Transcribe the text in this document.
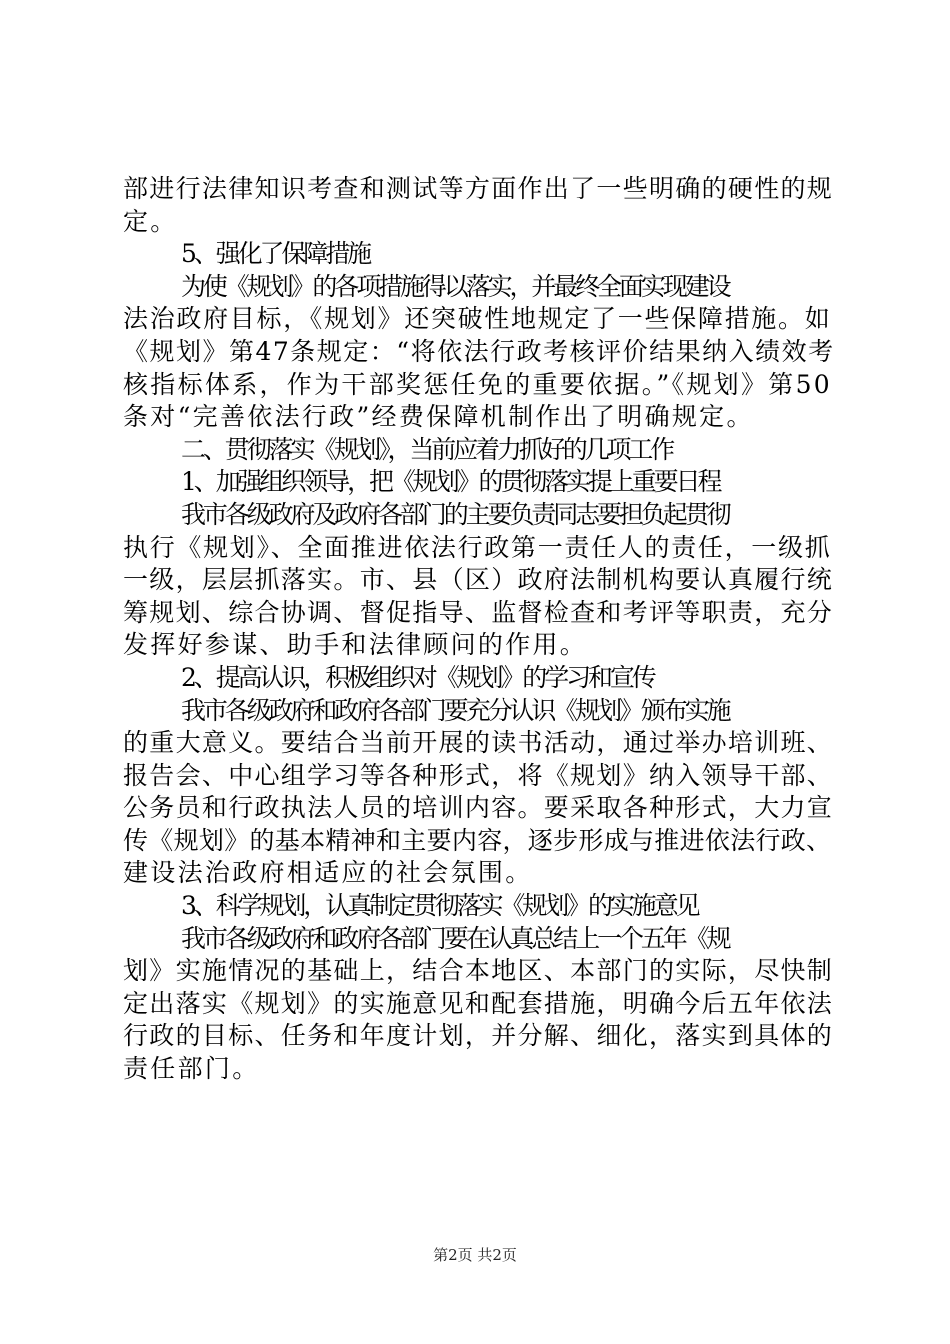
部进行法律知识考查和测试等方面作出了一些明确的硬性的规
定。
5、强化了保障措施
为使《规划》的各项措施得以落实，并最终全面实现建设
法治政府目标，《规划》还突破性地规定了一些保障措施。如
《规划》第47条规定：“将依法行政考核评价结果纳入绩效考
核指标体系，作为干部奖惩任免的重要依据。”《规划》第50
条对“完善依法行政”经费保障机制作出了明确规定。
二、贯彻落实《规划》，当前应着力抓好的几项工作
1、加强组织领导，把《规划》的贯彻落实提上重要日程
我市各级政府及政府各部门的主要负责同志要担负起贯彻
执行《规划》、全面推进依法行政第一责任人的责任，一级抓
一级，层层抓落实。市、县（区）政府法制机构要认真履行统
筹规划、综合协调、督促指导、监督检查和考评等职责，充分
发挥好参谋、助手和法律顾问的作用。
2、提高认识，积极组织对《规划》的学习和宣传
我市各级政府和政府各部门要充分认识《规划》颁布实施
的重大意义。要结合当前开展的读书活动，通过举办培训班、
报告会、中心组学习等各种形式，将《规划》纳入领导干部、
公务员和行政执法人员的培训内容。要采取各种形式，大力宣
传《规划》的基本精神和主要内容，逐步形成与推进依法行政、
建设法治政府相适应的社会氛围。
3、科学规划，认真制定贯彻落实《规划》的实施意见
我市各级政府和政府各部门要在认真总结上一个五年《规
划》实施情况的基础上，结合本地区、本部门的实际，尽快制
定出落实《规划》的实施意见和配套措施，明确今后五年依法
行政的目标、任务和年度计划，并分解、细化，落实到具体的
责任部门。
第2页 共2页
